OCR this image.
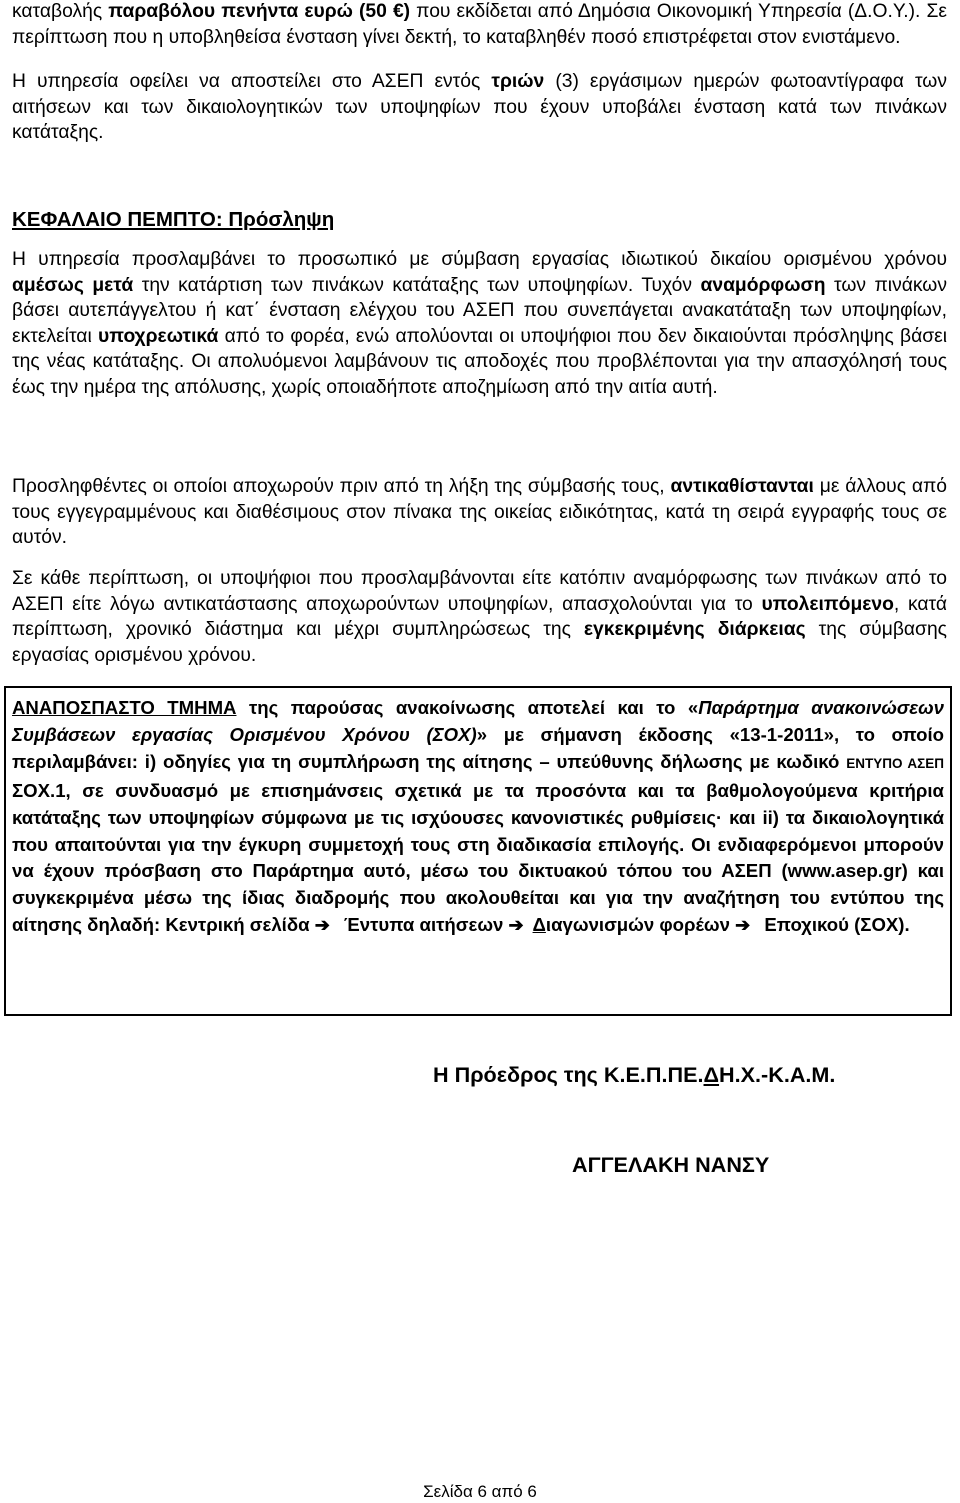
καταβολής παραβόλου πενήντα ευρώ (50 €) που εκδίδεται από Δημόσια Οικονομική Υπηρεσία (Δ.Ο.Υ.). Σε περίπτωση που η υποβληθείσα ένσταση γίνει δεκτή, το καταβληθέν ποσό επιστρέφεται στον ενιστάμενο.

Η υπηρεσία οφείλει να αποστείλει στο ΑΣΕΠ εντός τριών (3) εργάσιμων ημερών φωτοαντίγραφα των αιτήσεων και των δικαιολογητικών των υποψηφίων που έχουν υποβάλει ένσταση κατά των πινάκων κατάταξης.

ΚΕΦΑΛΑΙΟ ΠΕΜΠΤΟ: Πρόσληψη

Η υπηρεσία προσλαμβάνει το προσωπικό με σύμβαση εργασίας ιδιωτικού δικαίου ορισμένου χρόνου αμέσως μετά την κατάρτιση των πινάκων κατάταξης των υποψηφίων. Τυχόν αναμόρφωση των πινάκων βάσει αυτεπάγγελτου ή κατ΄ ένσταση ελέγχου του ΑΣΕΠ που συνεπάγεται ανακατάταξη των υποψηφίων, εκτελείται υποχρεωτικά από το φορέα, ενώ απολύονται οι υποψήφιοι που δεν δικαιούνται πρόσληψης βάσει της νέας κατάταξης. Οι απολυόμενοι λαμβάνουν τις αποδοχές που προβλέπονται για την απασχόλησή τους έως την ημέρα της απόλυσης, χωρίς οποιαδήποτε αποζημίωση από την αιτία αυτή.

Προσληφθέντες οι οποίοι αποχωρούν πριν από τη λήξη της σύμβασής τους, αντικαθίστανται με άλλους από τους εγγεγραμμένους και διαθέσιμους στον πίνακα της οικείας ειδικότητας, κατά τη σειρά εγγραφής τους σε αυτόν.

Σε κάθε περίπτωση, οι υποψήφιοι που προσλαμβάνονται είτε κατόπιν αναμόρφωσης των πινάκων από το ΑΣΕΠ είτε λόγω αντικατάστασης αποχωρούντων υποψηφίων, απασχολούνται για το υπολειπόμενο, κατά περίπτωση, χρονικό διάστημα και μέχρι συμπληρώσεως της εγκεκριμένης διάρκειας της σύμβασης εργασίας ορισμένου χρόνου.

ΑΝΑΠΟΣΠΑΣΤΟ ΤΜΗΜΑ της παρούσας ανακοίνωσης αποτελεί και το «Παράρτημα ανακοινώσεων Συμβάσεων εργασίας Ορισμένου Χρόνου (ΣΟΧ)» με σήμανση έκδοσης «13-1-2011», το οποίο περιλαμβάνει: i) οδηγίες για τη συμπλήρωση της αίτησης – υπεύθυνης δήλωσης με κωδικό ΕΝΤΥΠΟ ΑΣΕΠ ΣΟΧ.1, σε συνδυασμό με επισημάνσεις σχετικά με τα προσόντα και τα βαθμολογούμενα κριτήρια κατάταξης των υποψηφίων σύμφωνα με τις ισχύουσες κανονιστικές ρυθμίσεις· και ii) τα δικαιολογητικά που απαιτούνται για την έγκυρη συμμετοχή τους στη διαδικασία επιλογής. Οι ενδιαφερόμενοι μπορούν να έχουν πρόσβαση στο Παράρτημα αυτό, μέσω του δικτυακού τόπου του ΑΣΕΠ (www.asep.gr) και συγκεκριμένα μέσω της ίδιας διαδρομής που ακολουθείται και για την αναζήτηση του εντύπου της αίτησης δηλαδή: Κεντρική σελίδα ➔ Έντυπα αιτήσεων ➔ Διαγωνισμών φορέων ➔ Εποχικού (ΣΟΧ).

Η Πρόεδρος της Κ.Ε.Π.ΠΕ.ΔΗ.Χ.-Κ.Α.Μ.
ΑΓΓΕΛΑΚΗ ΝΑΝΣΥ
Σελίδα 6 από 6
